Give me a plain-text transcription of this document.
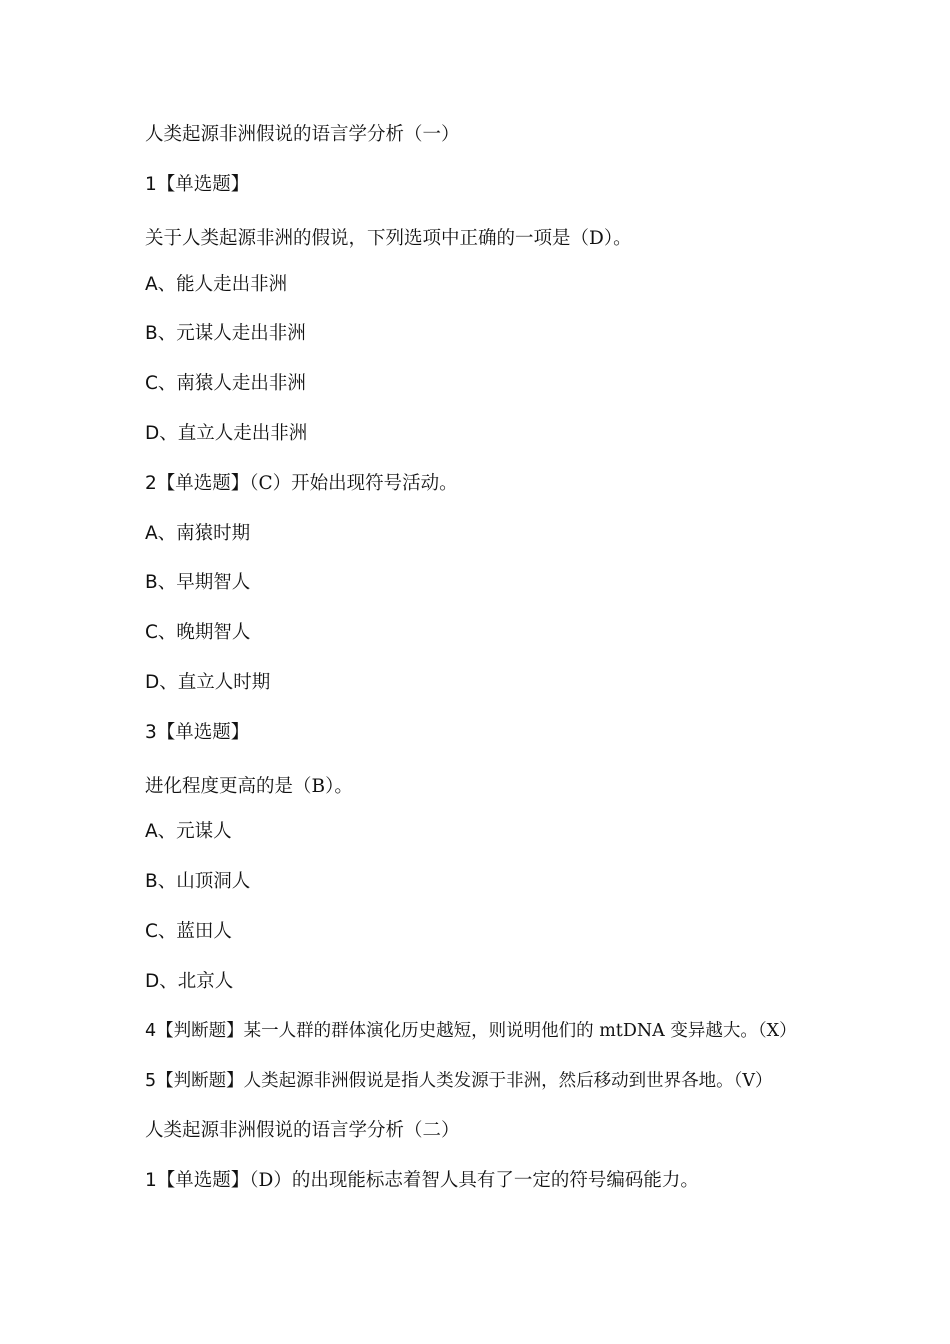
人类起源非洲假说的语言学分析（一）
1【单选题】
关于人类起源非洲的假说，下列选项中正确的一项是（D）。
A、能人走出非洲
B、元谋人走出非洲
C、南猿人走出非洲
D、直立人走出非洲
2【单选题】（C）开始出现符号活动。
A、南猿时期
B、早期智人
C、晚期智人
D、直立人时期
3【单选题】
进化程度更高的是（B）。
A、元谋人
B、山顶洞人
C、蓝田人
D、北京人
4【判断题】某一人群的群体演化历史越短，则说明他们的 mtDNA 变异越大。（X）
5【判断题】人类起源非洲假说是指人类发源于非洲，然后移动到世界各地。（V）
人类起源非洲假说的语言学分析（二）
1【单选题】（D）的出现能标志着智人具有了一定的符号编码能力。
